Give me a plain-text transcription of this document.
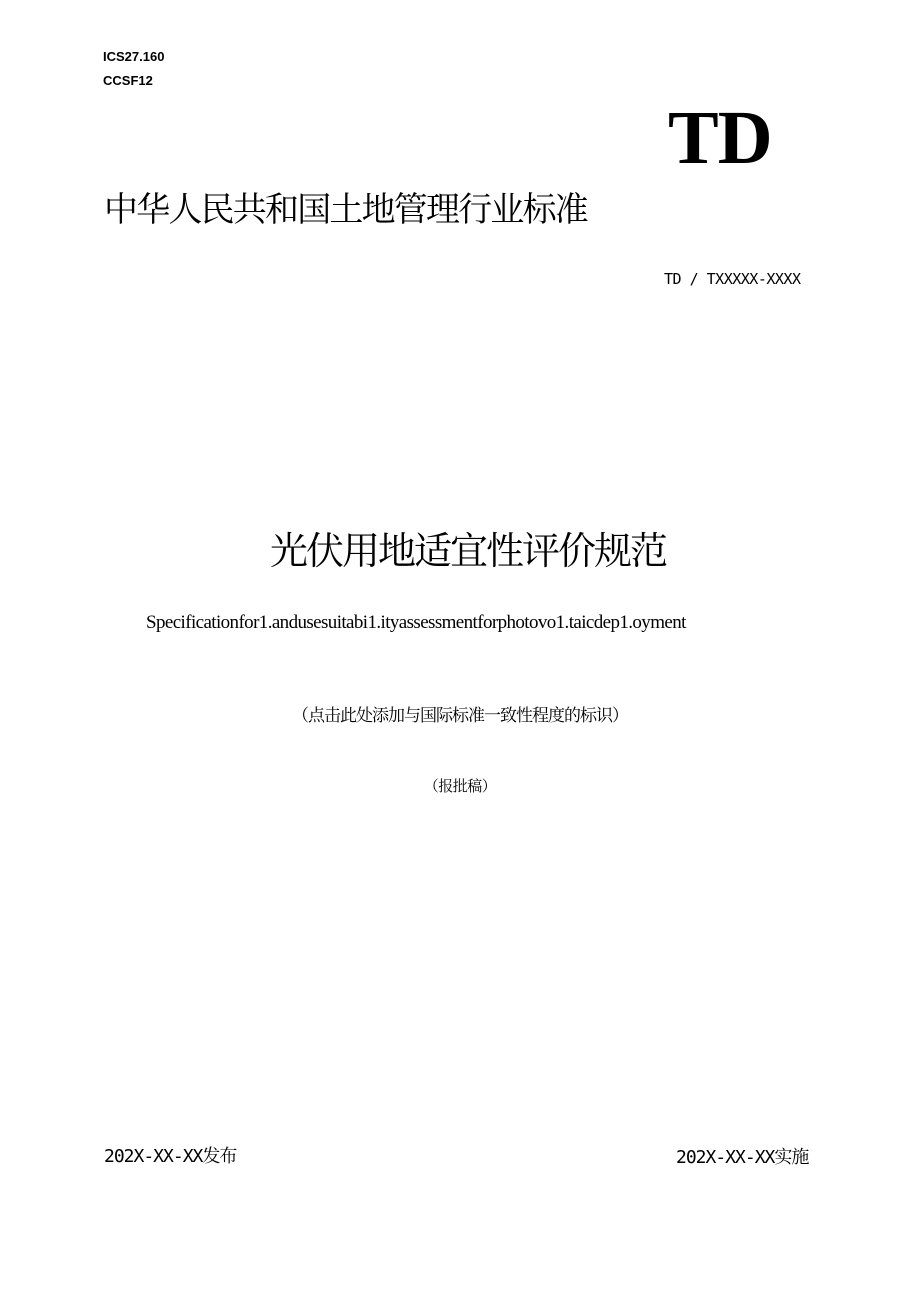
ICS27.160
CCSF12
TD
中华人民共和国土地管理行业标准
TD / TXXXXX-XXXX
光伏用地适宜性评价规范
Specificationfor1.andusesuitabi1.ityassessmentforphotovo1.taicdep1.oyment
（点击此处添加与国际标准一致性程度的标识）
（报批稿）
202X-XX-XX发布	202X-XX-XX实施
